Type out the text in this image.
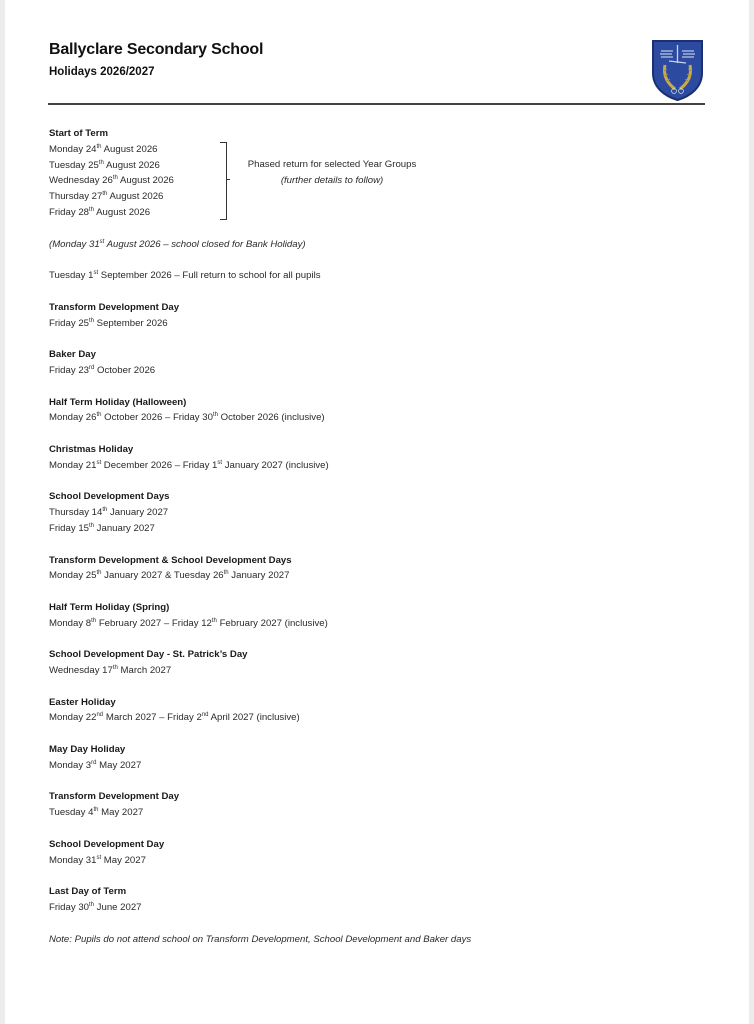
Ballyclare Secondary School
Holidays 2026/2027
Start of Term
Monday 24th August 2026
Tuesday 25th August 2026
Wednesday 26th August 2026
Thursday 27th August 2026
Friday 28th August 2026
Phased return for selected Year Groups
(further details to follow)
(Monday 31st August 2026 – school closed for Bank Holiday)
Tuesday 1st September 2026 – Full return to school for all pupils
Transform Development Day
Friday 25th September 2026
Baker Day
Friday 23rd October 2026
Half Term Holiday (Halloween)
Monday 26th October 2026 – Friday 30th October 2026 (inclusive)
Christmas Holiday
Monday 21st December 2026 – Friday 1st January 2027 (inclusive)
School Development Days
Thursday 14th January 2027
Friday 15th January 2027
Transform Development & School Development Days
Monday 25th January 2027 & Tuesday 26th January 2027
Half Term Holiday (Spring)
Monday 8th February 2027 – Friday 12th February 2027 (inclusive)
School Development Day - St. Patrick’s Day
Wednesday 17th March 2027
Easter Holiday
Monday 22nd March 2027 – Friday 2nd April 2027 (inclusive)
May Day Holiday
Monday 3rd May 2027
Transform Development Day
Tuesday 4th May 2027
School Development Day
Monday 31st May 2027
Last Day of Term
Friday 30th June 2027
Note: Pupils do not attend school on Transform Development, School Development and Baker days
